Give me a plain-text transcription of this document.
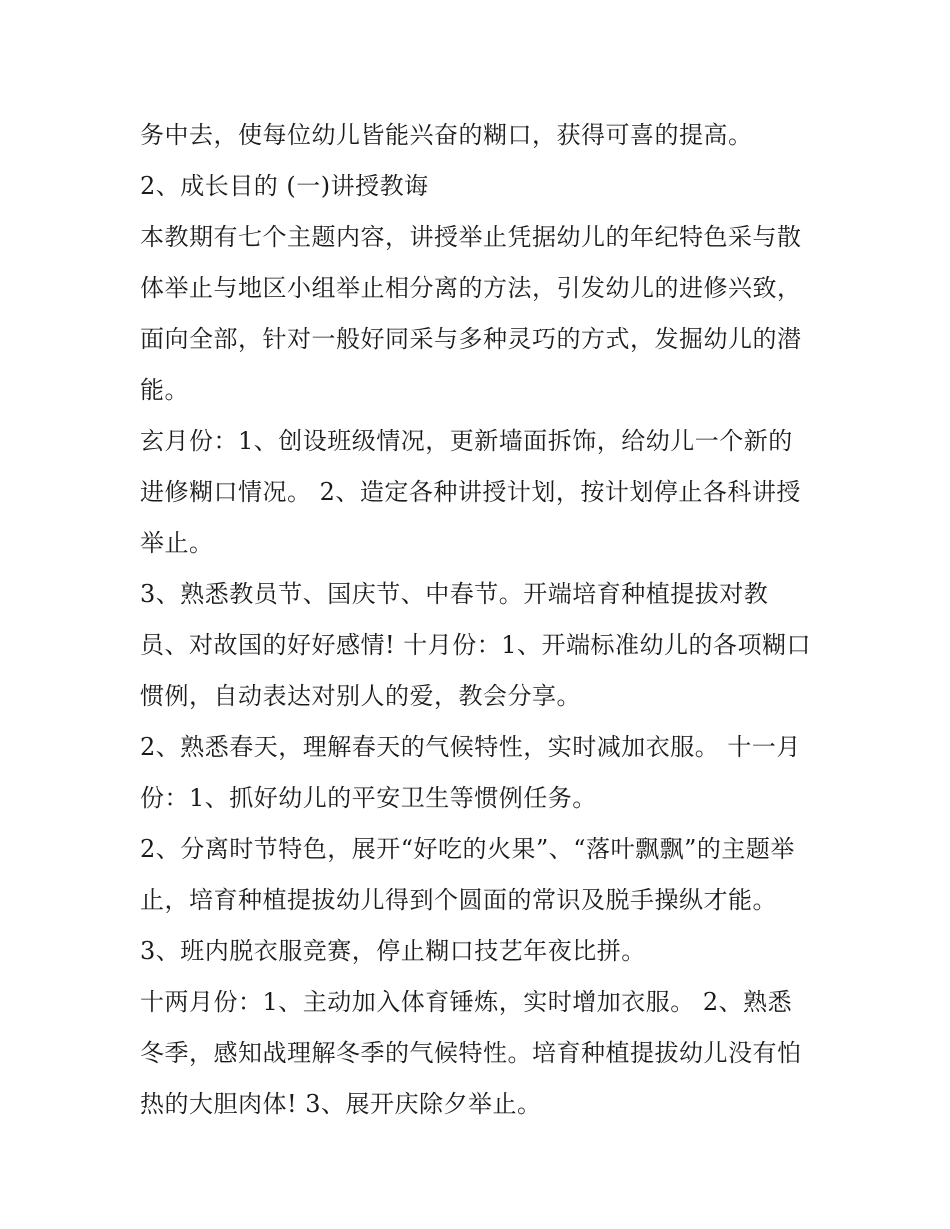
务中去，使每位幼儿皆能兴奋的糊口，获得可喜的提高。
2、成长目的 (一)讲授教诲
本教期有七个主题内容，讲授举止凭据幼儿的年纪特色采与散
体举止与地区小组举止相分离的方法，引发幼儿的进修兴致，
面向全部，针对一般好同采与多种灵巧的方式，发掘幼儿的潜
能。
玄月份：1、创设班级情况，更新墙面拆饰，给幼儿一个新的
进修糊口情况。 2、造定各种讲授计划，按计划停止各科讲授
举止。
3、熟悉教员节、国庆节、中春节。开端培育种植提拔对教
员、对故国的好好感情! 十月份：1、开端标准幼儿的各项糊口
惯例，自动表达对别人的爱，教会分享。
2、熟悉春天，理解春天的气候特性，实时减加衣服。 十一月
份：1、抓好幼儿的平安卫生等惯例任务。
2、分离时节特色，展开“好吃的火果”、“落叶飘飘”的主题举
止，培育种植提拔幼儿得到个圆面的常识及脱手操纵才能。
3、班内脱衣服竞赛，停止糊口技艺年夜比拼。
十两月份：1、主动加入体育锤炼，实时增加衣服。 2、熟悉
冬季，感知战理解冬季的气候特性。培育种植提拔幼儿没有怕
热的大胆肉体! 3、展开庆除夕举止。
